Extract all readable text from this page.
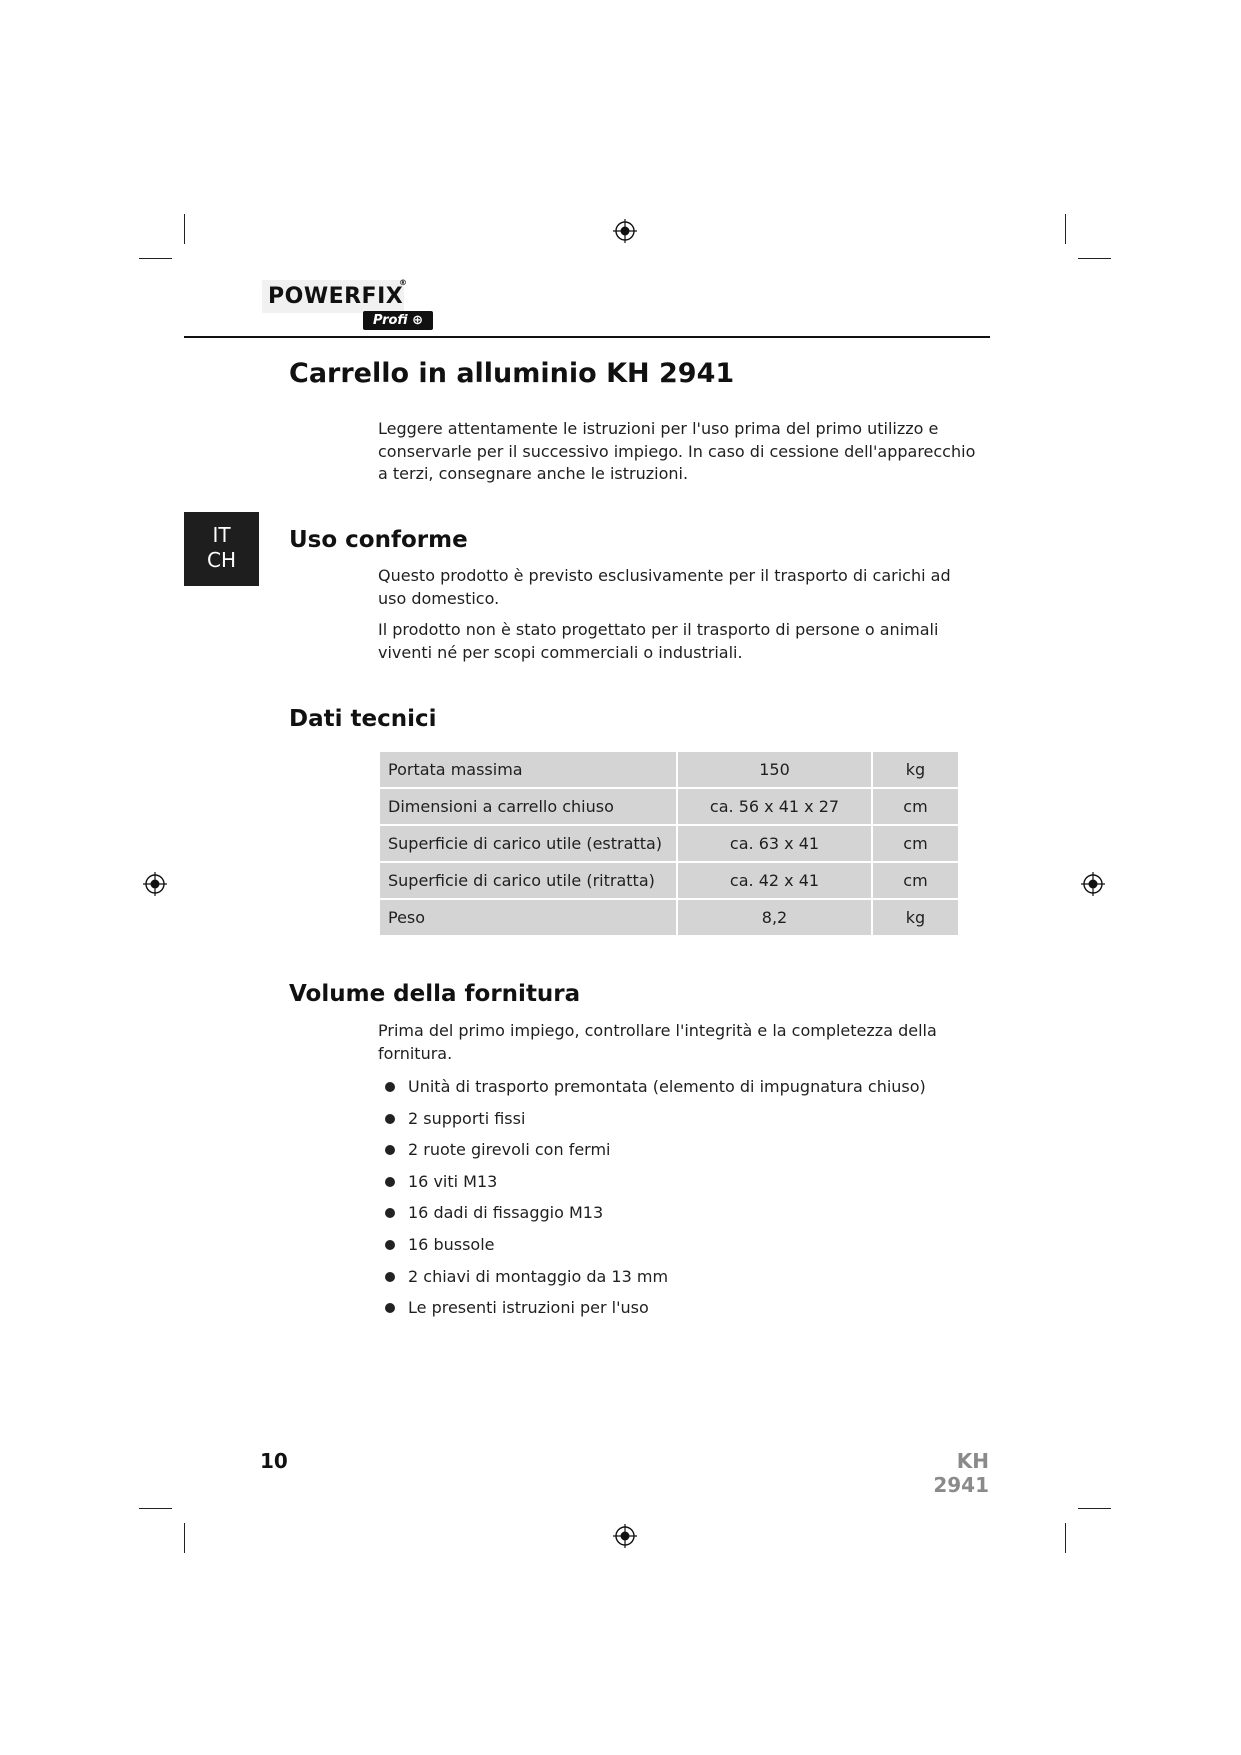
POWERFIX
®
Profi ⊕
Carrello in alluminio KH 2941

Leggere attentamente le istruzioni per l'uso prima del primo utilizzo e conservarle per il successivo impiego. In caso di cessione dell'apparecchio a terzi, consegnare anche le istruzioni.

IT
CH
Uso conforme

Questo prodotto è previsto esclusivamente per il trasporto di carichi ad uso domestico.

Il prodotto non è stato progettato per il trasporto di persone o animali viventi né per scopi commerciali o industriali.

Dati tecnici
Portata massima	150	kg
Dimensioni a carrello chiuso	ca. 56 x 41 x 27	cm
Superficie di carico utile (estratta)	ca. 63 x 41	cm
Superficie di carico utile (ritratta)	ca. 42 x 41	cm
Peso	8,2	kg
Volume della fornitura

Prima del primo impiego, controllare l'integrità e la completezza della fornitura.

Unità di trasporto premontata (elemento di impugnatura chiuso)
2 supporti fissi
2 ruote girevoli con fermi
16 viti M13
16 dadi di fissaggio M13
16 bussole
2 chiavi di montaggio da 13 mm
Le presenti istruzioni per l'uso
10	KH 2941
